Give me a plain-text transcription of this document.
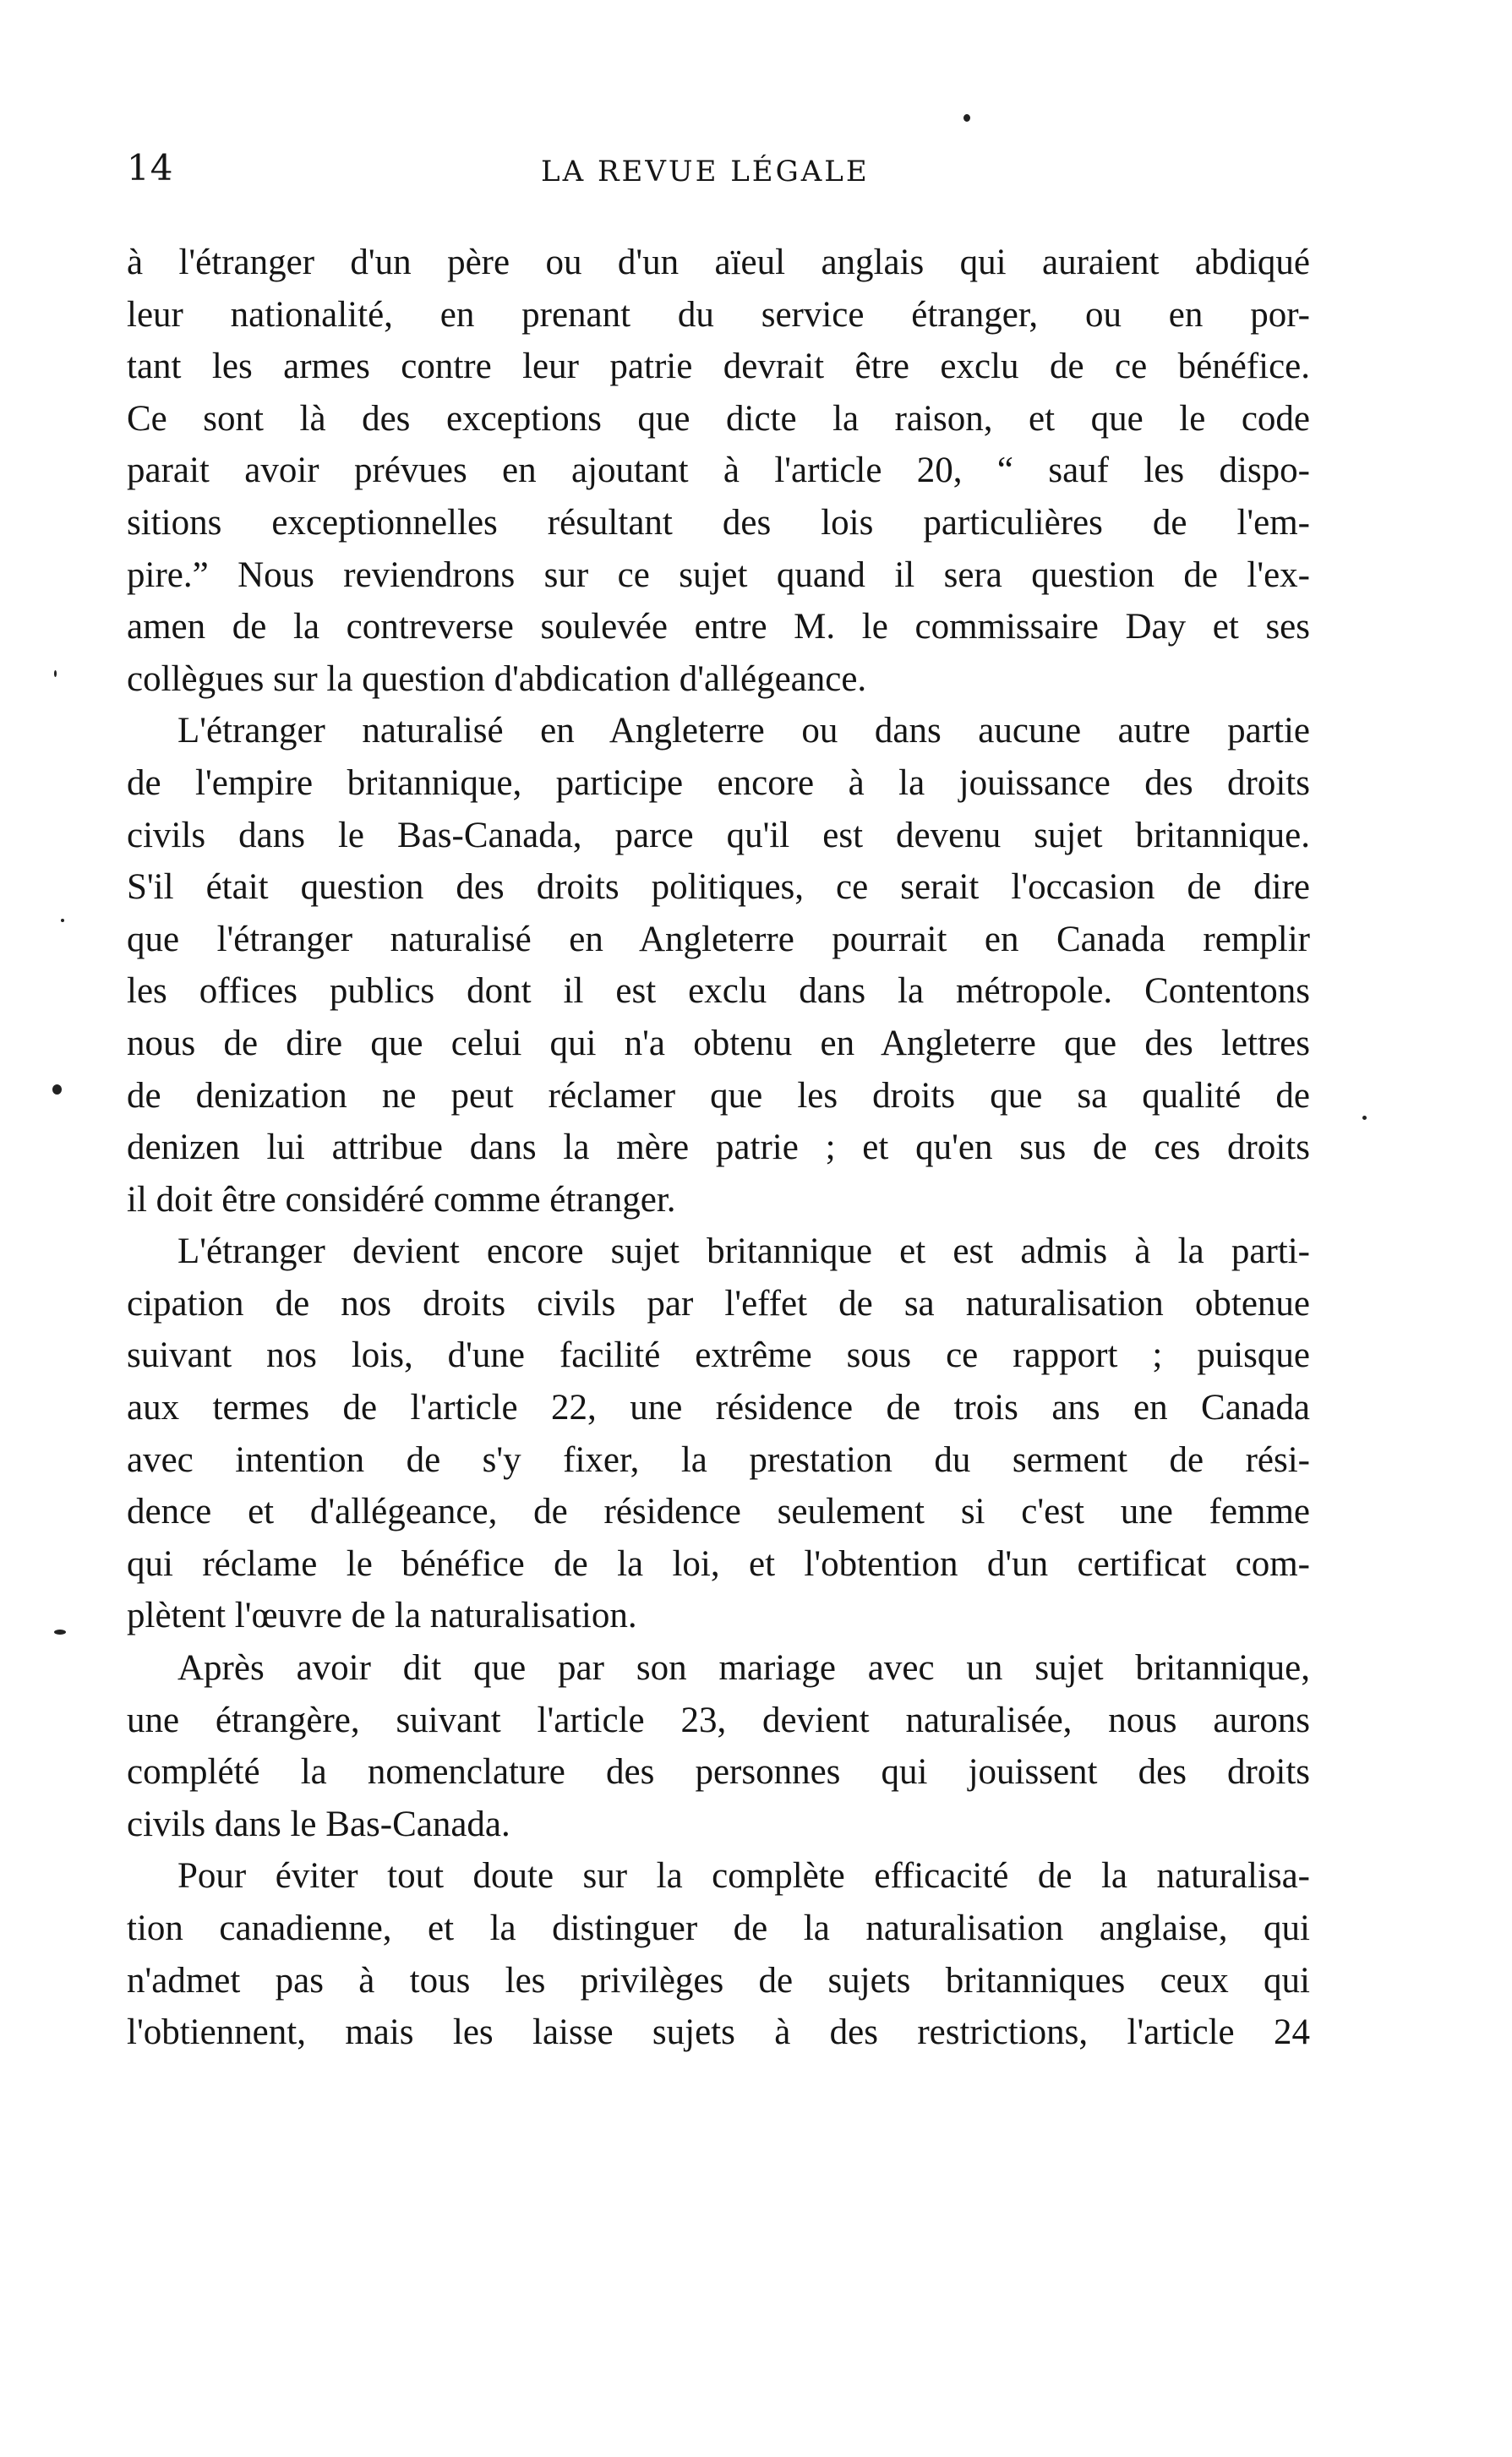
14	LA REVUE LÉGALE
à l'étranger d'un père ou d'un aïeul anglais qui auraient abdiqué
leur nationalité, en prenant du service étranger, ou en por-
tant les armes contre leur patrie devrait être exclu de ce bénéfice.
Ce sont là des exceptions que dicte la raison, et que le code
parait avoir prévues en ajoutant à l'article 20, “ sauf les dispo-
sitions exceptionnelles résultant des lois particulières de l'em-
pire.” Nous reviendrons sur ce sujet quand il sera question de l'ex-
amen de la contreverse soulevée entre M. le commissaire Day et ses
collègues sur la question d'abdication d'allégeance.
L'étranger naturalisé en Angleterre ou dans aucune autre partie
de l'empire britannique, participe encore à la jouissance des droits
civils dans le Bas-Canada, parce qu'il est devenu sujet britannique.
S'il était question des droits politiques, ce serait l'occasion de dire
que l'étranger naturalisé en Angleterre pourrait en Canada remplir
les offices publics dont il est exclu dans la métropole. Contentons
nous de dire que celui qui n'a obtenu en Angleterre que des lettres
de denization ne peut réclamer que les droits que sa qualité de
denizen lui attribue dans la mère patrie ; et qu'en sus de ces droits
il doit être considéré comme étranger.
L'étranger devient encore sujet britannique et est admis à la parti-
cipation de nos droits civils par l'effet de sa naturalisation obtenue
suivant nos lois, d'une facilité extrême sous ce rapport ; puisque
aux termes de l'article 22, une résidence de trois ans en Canada
avec intention de s'y fixer, la prestation du serment de rési-
dence et d'allégeance, de résidence seulement si c'est une femme
qui réclame le bénéfice de la loi, et l'obtention d'un certificat com-
plètent l'œuvre de la naturalisation.
Après avoir dit que par son mariage avec un sujet britannique,
une étrangère, suivant l'article 23, devient naturalisée, nous aurons
complété la nomenclature des personnes qui jouissent des droits
civils dans le Bas-Canada.
Pour éviter tout doute sur la complète efficacité de la naturalisa-
tion canadienne, et la distinguer de la naturalisation anglaise, qui
n'admet pas à tous les privilèges de sujets britanniques ceux qui
l'obtiennent, mais les laisse sujets à des restrictions, l'article 24
